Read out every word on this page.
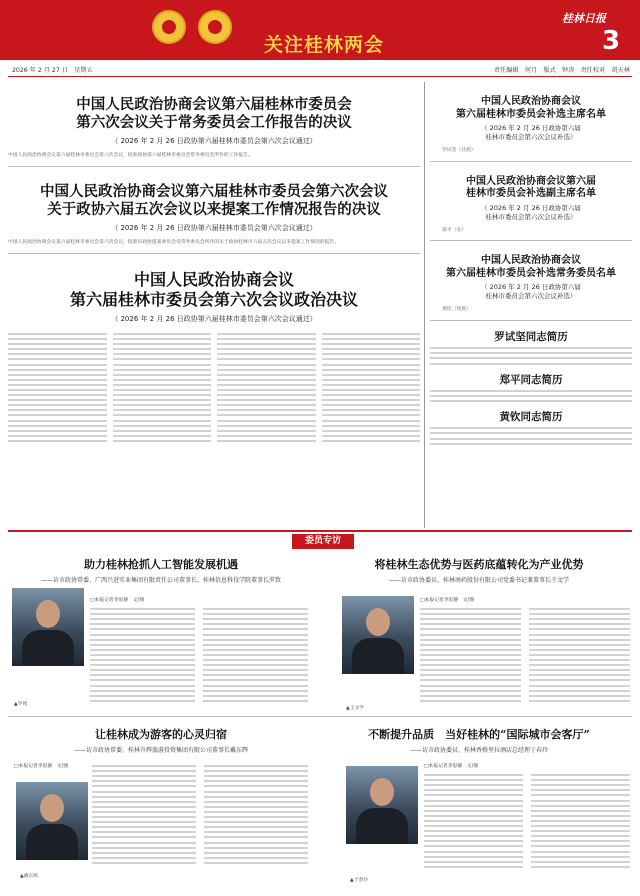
关注桂林两会
桂林日报
3
2026 年 2 月 27 日　星期五	责任编辑　何月　版式　钟涛　责任校对　胡天林
中国人民政治协商会议第六届桂林市委员会
第六次会议关于常务委员会工作报告的决议
（ 2026 年 2 月 26 日政协第六届桂林市委员会第六次会议通过）
中国人民政治协商会议第六届桂林市委员会第六次会议，批准政协第六届桂林市委员会常务委员会所作的工作报告。
中国人民政治协商会议第六届桂林市委员会第六次会议
关于政协六届五次会议以来提案工作情况报告的决议
（ 2026 年 2 月 26 日政协第六届桂林市委员会第六次会议通过）
中国人民政治协商会议第六届桂林市委员会第六次会议，批准市政协提案委员会受常务委员会所作的关于政协桂林市六届五次会议以来提案工作情况的报告。
中国人民政治协商会议
第六届桂林市委员会第六次会议政治决议
（ 2026 年 2 月 26 日政协第六届桂林市委员会第六次会议通过）
中国人民政治协商会议
第六届桂林市委员会补选主席名单
（ 2026 年 2 月 26 日政协第六届
桂林市委员会第六次会议补选）
罗试坚（壮族）
中国人民政治协商会议第六届
桂林市委员会补选副主席名单
（ 2026 年 2 月 26 日政协第六届
桂林市委员会第六次会议补选）
郑平（女）
中国人民政治协商会议
第六届桂林市委员会补选常务委员名单
（ 2026 年 2 月 26 日政协第六届
桂林市委员会第六次会议补选）
黄钦（瑶族）
罗试坚同志简历
郑平同志简历
黄钦同志简历
委员专访
助力桂林抢抓人工智能发展机遇
——访市政协常委、广西兴进实业集团有限责任公司董事长、桂林信息科技学院董事长罗致
▲罗致
□本报记者李思静　文/图
将桂林生态优势与医药底蕴转化为产业优势
——访市政协委员、桂林南药股份有限公司党委书记兼董事长王文学
▲王文学
□本报记者李思静　文/图
让桂林成为游客的心灵归宿
——访市政协常委、桂林升辉旅游投资集团有限公司董事长戴东辉
□本报记者李思静　文/图
▲戴东辉
不断提升品质　当好桂林的“国际城市会客厅”
——访市政协委员、桂林香格里拉酒店总经理于春玲
▲于春玲
□本报记者李思静　文/图
